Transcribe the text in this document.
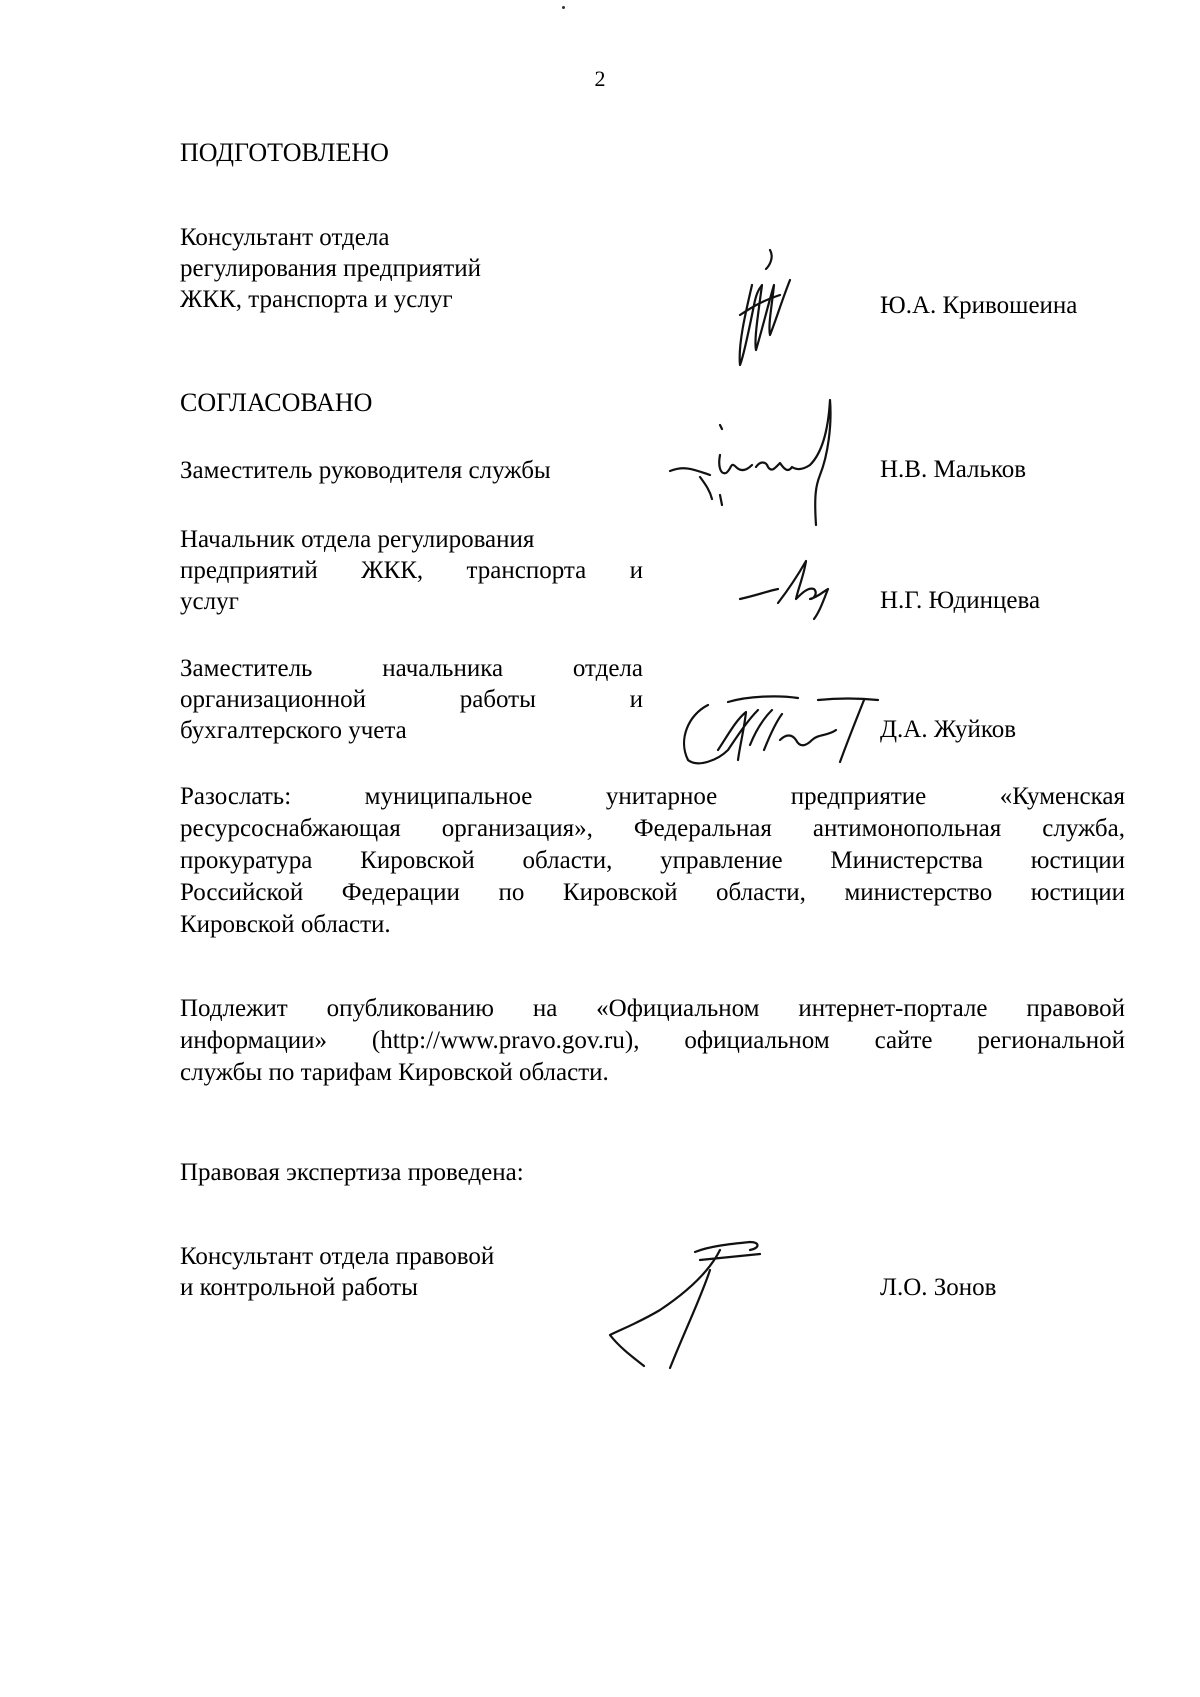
2
ПОДГОТОВЛЕНО
Консультант отдела
регулирования предприятий
ЖКК, транспорта и услуг	Ю.А. Кривошеина
СОГЛАСОВАНО
Заместитель руководителя службы	Н.В. Мальков
Начальник отдела регулирования
предприятий ЖКК, транспорта и
услуг	Н.Г. Юдинцева
Заместитель начальника отдела
организационной работы и
бухгалтерского учета	Д.А. Жуйков
Разослать: муниципальное унитарное предприятие «Куменская
ресурсоснабжающая организация», Федеральная антимонопольная служба,
прокуратура Кировской области, управление Министерства юстиции
Российской Федерации по Кировской области, министерство юстиции
Кировской области.
Подлежит опубликованию на «Официальном интернет-портале правовой
информации» (http://www.pravo.gov.ru), официальном сайте региональной
службы по тарифам Кировской области.
Правовая экспертиза проведена:
Консультант отдела правовой
и контрольной работы	Л.О. Зонов
